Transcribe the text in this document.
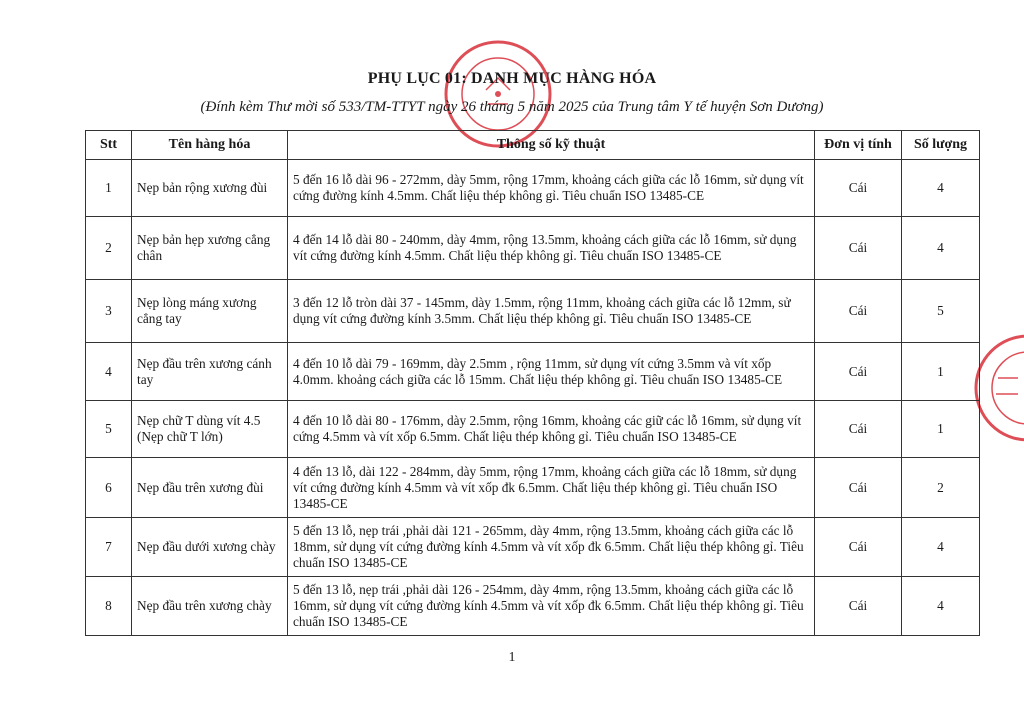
PHỤ LỤC 01: DANH MỤC HÀNG HÓA
(Đính kèm Thư mời số 533/TM-TTYT ngày 26 tháng 5 năm 2025 của Trung tâm Y tế huyện Sơn Dương)
Stt	Tên hàng hóa	Thông số kỹ thuật	Đơn vị tính	Số lượng
1	Nẹp bản rộng xương đùi	5 đến 16 lỗ dài 96 - 272mm, dày 5mm, rộng 17mm, khoảng cách giữa các lỗ 16mm, sử dụng vít cứng đường kính 4.5mm. Chất liệu thép không gỉ. Tiêu chuẩn ISO 13485-CE	Cái	4
2	Nẹp bản hẹp xương cẳng chân	4 đến 14 lỗ dài 80 - 240mm, dày 4mm, rộng 13.5mm, khoảng cách giữa các lỗ 16mm, sử dụng vít cứng đường kính 4.5mm. Chất liệu thép không gỉ. Tiêu chuẩn ISO 13485-CE	Cái	4
3	Nẹp lòng máng xương cẳng tay	3 đến 12 lỗ tròn dài 37 - 145mm, dày 1.5mm, rộng 11mm, khoảng cách giữa các lỗ 12mm, sử dụng vít cứng đường kính 3.5mm. Chất liệu thép không gỉ. Tiêu chuẩn ISO 13485-CE	Cái	5
4	Nẹp đầu trên xương cánh tay	4 đến 10 lỗ dài 79 - 169mm, dày 2.5mm , rộng 11mm, sử dụng vít cứng 3.5mm và vít xốp 4.0mm. khoảng cách giữa các lỗ 15mm. Chất liệu thép không gỉ. Tiêu chuẩn ISO 13485-CE	Cái	1
5	Nẹp chữ T dùng vít 4.5 (Nẹp chữ T lớn)	4 đến 10 lỗ dài 80 - 176mm, dày 2.5mm, rộng 16mm, khoảng các giữ các lỗ 16mm, sử dụng vít cứng 4.5mm và vít xốp 6.5mm. Chất liệu thép không gỉ. Tiêu chuẩn ISO 13485-CE	Cái	1
6	Nẹp đầu trên xương đùi	4 đến 13 lỗ, dài 122 - 284mm, dày 5mm, rộng 17mm, khoảng cách giữa các lỗ 18mm, sử dụng vít cứng đường kính 4.5mm và vít xốp đk 6.5mm. Chất liệu thép không gỉ. Tiêu chuẩn ISO 13485-CE	Cái	2
7	Nẹp đầu dưới xương chày	5 đến 13 lỗ, nẹp trái ,phải dài 121 - 265mm, dày 4mm, rộng 13.5mm, khoảng cách giữa các lỗ 18mm, sử dụng vít cứng đường kính 4.5mm và vít xốp đk 6.5mm. Chất liệu thép không gỉ. Tiêu chuẩn ISO 13485-CE	Cái	4
8	Nẹp đầu trên xương chày	5 đến 13 lỗ, nẹp trái ,phải dài 126 - 254mm, dày 4mm, rộng 13.5mm, khoảng cách giữa các lỗ 16mm, sử dụng vít cứng đường kính 4.5mm và vít xốp đk 6.5mm. Chất liệu thép không gỉ. Tiêu chuẩn ISO 13485-CE	Cái	4
1
